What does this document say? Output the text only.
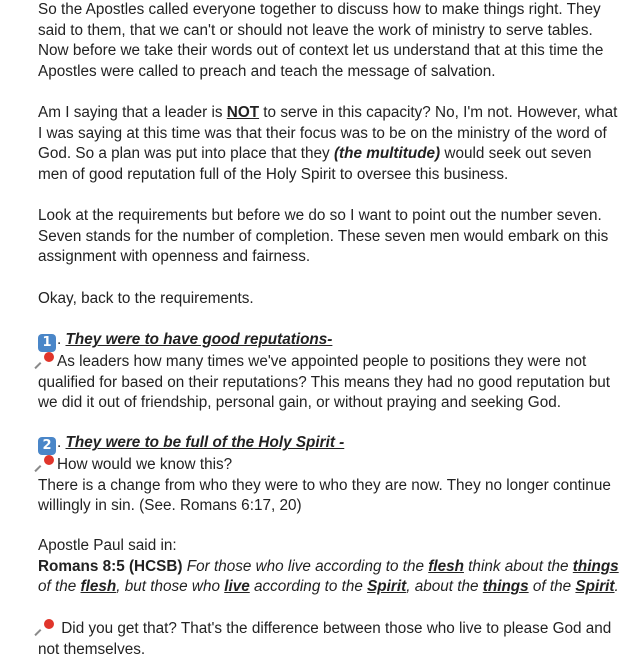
So the Apostles called everyone together to discuss how to make things right. They
said to them, that we can't or should not leave the work of ministry to serve tables.
Now before we take their words out of context let us understand that at this time the
Apostles were called to preach and teach the message of salvation.
Am I saying that a leader is NOT to serve in this capacity? No, I'm not. However, what
I was saying at this time was that their focus was to be on the ministry of the word of
God. So a plan was put into place that they (the multitude) would seek out seven
men of good reputation full of the Holy Spirit to oversee this business.
Look at the requirements but before we do so I want to point out the number seven.
Seven stands for the number of completion. These seven men would embark on this
assignment with openness and fairness.
Okay, back to the requirements.
1 . They were to have good reputations-
As leaders how many times we've appointed people to positions they were not
qualified for based on their reputations? This means they had no good reputation but
we did it out of friendship, personal gain, or without praying and seeking God.
2 . They were to be full of the Holy Spirit -
How would we know this?
There is a change from who they were to who they are now. They no longer continue
willingly in sin. (See. Romans 6:17, 20)
Apostle Paul said in:
Romans 8:5 (HCSB) For those who live according to the flesh think about the things
of the flesh, but those who live according to the Spirit, about the things of the Spirit.
Did you get that? That's the difference between those who live to please God and
not themselves.
